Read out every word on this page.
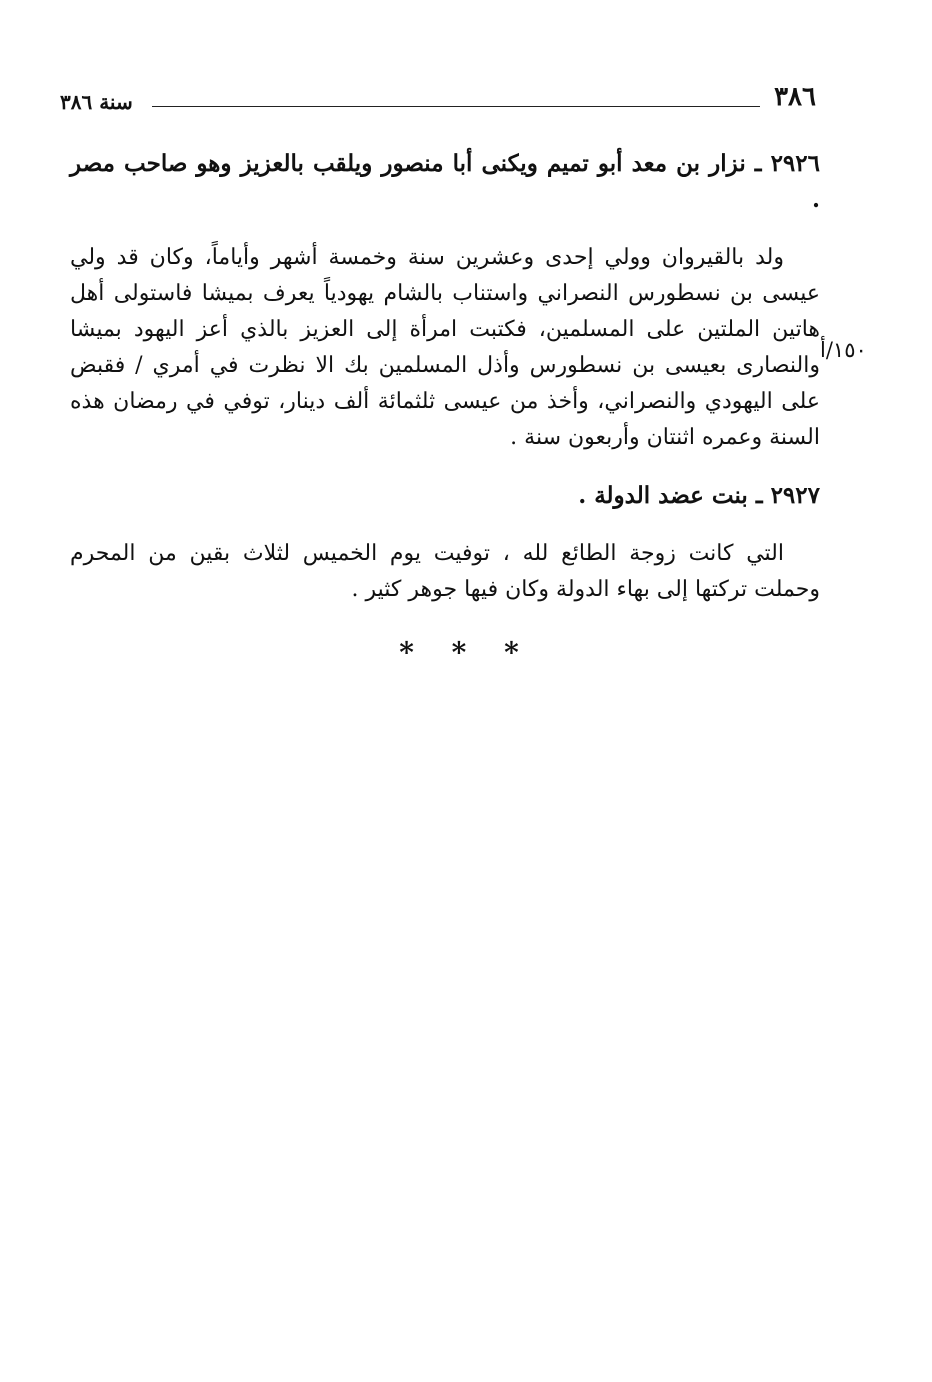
٣٨٦
سنة ٣٨٦
٢٩٢٦ ـ نزار بن معد أبو تميم ويكنى أبا منصور ويلقب بالعزيز وهو صاحب مصر .
ولد بالقيروان وولي إحدى وعشرين سنة وخمسة أشهر وأياماً، وكان قد ولي عيسى بن نسطورس النصراني واستناب بالشام يهودياً يعرف بميشا فاستولى أهل هاتين الملتين على المسلمين، فكتبت امرأة إلى العزيز بالذي أعز اليهود بميشا والنصارى بعيسى بن نسطورس وأذل المسلمين بك الا نظرت في أمري / فقبض على اليهودي والنصراني، وأخذ من عيسى ثلثمائة ألف دينار، توفي في رمضان هذه السنة وعمره اثنتان وأربعون سنة .
١٥٠/أ
٢٩٢٧ ـ بنت عضد الدولة .
التي كانت زوجة الطائع لله ، توفيت يوم الخميس لثلاث بقين من المحرم وحملت تركتها إلى بهاء الدولة وكان فيها جوهر كثير .
* * *
